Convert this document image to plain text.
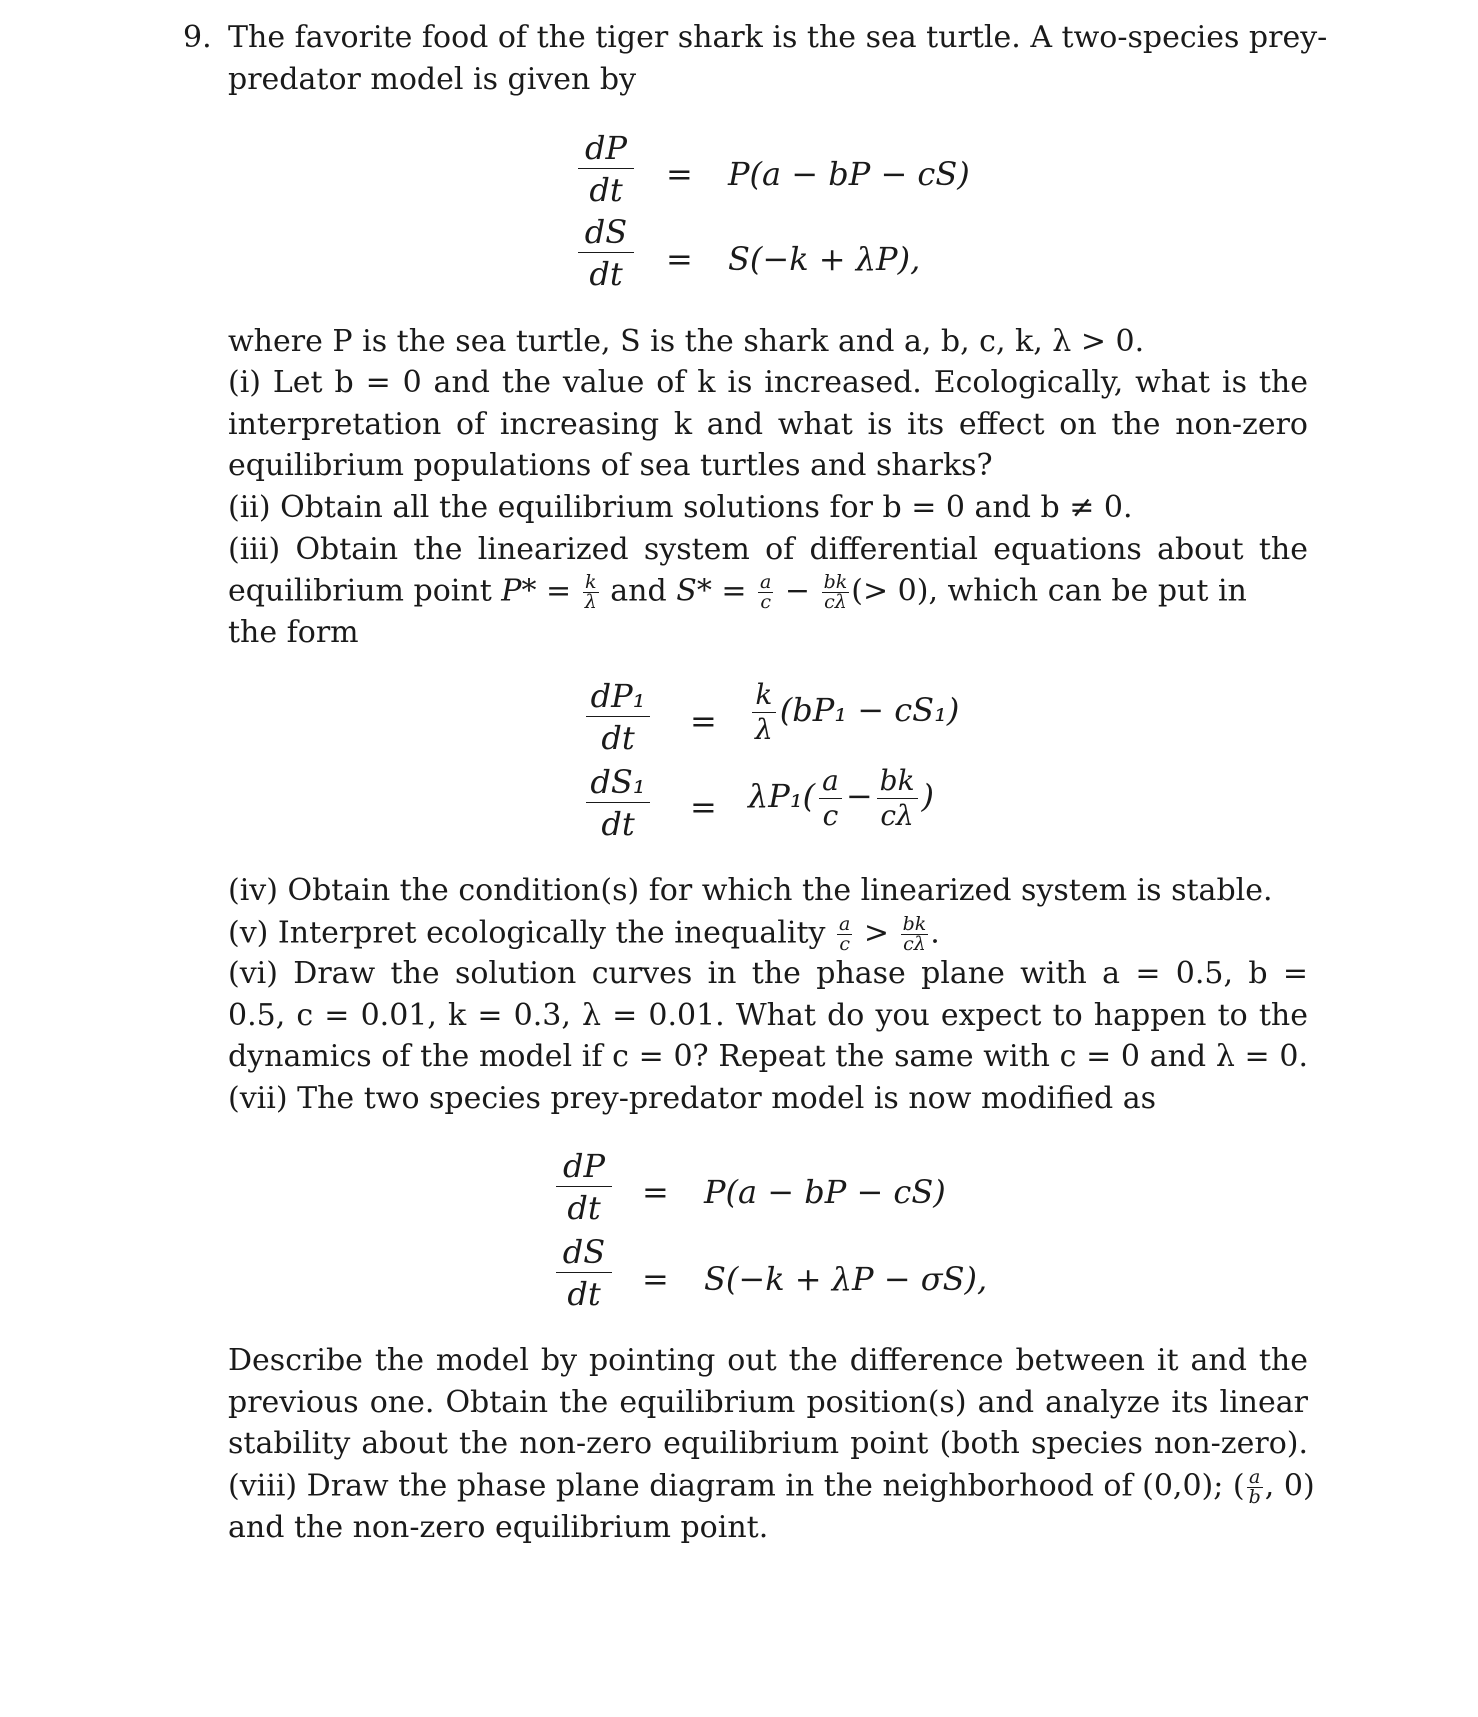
9. The favorite food of the tiger shark is the sea turtle. A two-species prey-
predator model is given by
dP
dt	= P(a − bP − cS)
dS
dt	= S(−k + λP),
where P is the sea turtle, S is the shark and a, b, c, k, λ > 0.
(i) Let b = 0 and the value of k is increased. Ecologically, what is the
interpretation of increasing k and what is its effect on the non-zero
equilibrium populations of sea turtles and sharks?
(ii) Obtain all the equilibrium solutions for b = 0 and b ≠ 0.
(iii) Obtain the linearized system of differential equations about the
equilibrium point $P* = \frac{k}{\lambda}$ and $S* = \frac{a}{c} - \frac{bk}{c\lambda}$ (> 0), which can be put in
the form
dP₁
dt	= $\frac{k}{\lambda} (bP_1 - cS_1)$
dS₁
dt	= $\lambda P_1( \frac{a}{c} - \frac{bk}{c\lambda}$ )
(iv) Obtain the condition(s) for which the linearized system is stable.
(v) Interpret ecologically the inequality $\frac{a}{c} > \frac{bk}{c\lambda}$ .
(vi) Draw the solution curves in the phase plane with a = 0.5, b =
0.5, c = 0.01, k = 0.3, λ = 0.01. What do you expect to happen to the
dynamics of the model if c = 0? Repeat the same with c = 0 and λ = 0.
(vii) The two species prey-predator model is now modified as
dP
dt	= P(a − bP − cS)
dS
dt	= S(−k + λP − σS),
Describe the model by pointing out the difference between it and the
previous one. Obtain the equilibrium position(s) and analyze its linear
stability about the non-zero equilibrium point (both species non-zero).
(viii) Draw the phase plane diagram in the neighborhood of (0,0); ( $\frac{a}{b}$ , 0)
and the non-zero equilibrium point.
